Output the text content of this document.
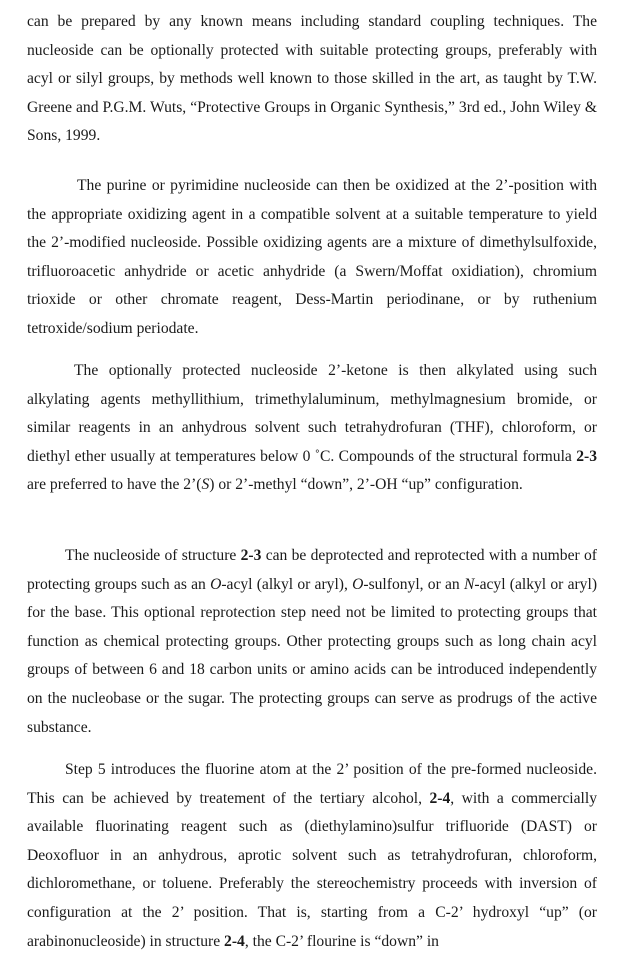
can be prepared by any known means including standard coupling techniques. The nucleoside can be optionally protected with suitable protecting groups, preferably with acyl or silyl groups, by methods well known to those skilled in the art, as taught by T.W. Greene and P.G.M. Wuts, “Protective Groups in Organic Synthesis,” 3rd ed., John Wiley & Sons, 1999.

The purine or pyrimidine nucleoside can then be oxidized at the 2’-position with the appropriate oxidizing agent in a compatible solvent at a suitable temperature to yield the 2’-modified nucleoside. Possible oxidizing agents are a mixture of dimethylsulfoxide, trifluoroacetic anhydride or acetic anhydride (a Swern/Moffat oxidiation), chromium trioxide or other chromate reagent, Dess-Martin periodinane, or by ruthenium tetroxide/sodium periodate.

The optionally protected nucleoside 2’-ketone is then alkylated using such alkylating agents methyllithium, trimethylaluminum, methylmagnesium bromide, or similar reagents in an anhydrous solvent such tetrahydrofuran (THF), chloroform, or diethyl ether usually at temperatures below 0 ˚C. Compounds of the structural formula 2-3 are preferred to have the 2’(S) or 2’-methyl “down”, 2’-OH “up” configuration.

The nucleoside of structure 2-3 can be deprotected and reprotected with a number of protecting groups such as an O-acyl (alkyl or aryl), O-sulfonyl, or an N-acyl (alkyl or aryl) for the base. This optional reprotection step need not be limited to protecting groups that function as chemical protecting groups. Other protecting groups such as long chain acyl groups of between 6 and 18 carbon units or amino acids can be introduced independently on the nucleobase or the sugar. The protecting groups can serve as prodrugs of the active substance.

Step 5 introduces the fluorine atom at the 2’ position of the pre-formed nucleoside. This can be achieved by treatement of the tertiary alcohol, 2-4, with a commercially available fluorinating reagent such as (diethylamino)sulfur trifluoride (DAST) or Deoxofluor in an anhydrous, aprotic solvent such as tetrahydrofuran, chloroform, dichloromethane, or toluene. Preferably the stereochemistry proceeds with inversion of configuration at the 2’ position. That is, starting from a C-2’ hydroxyl “up” (or arabinonucleoside) in structure 2-4, the C-2’ flourine is “down” in
